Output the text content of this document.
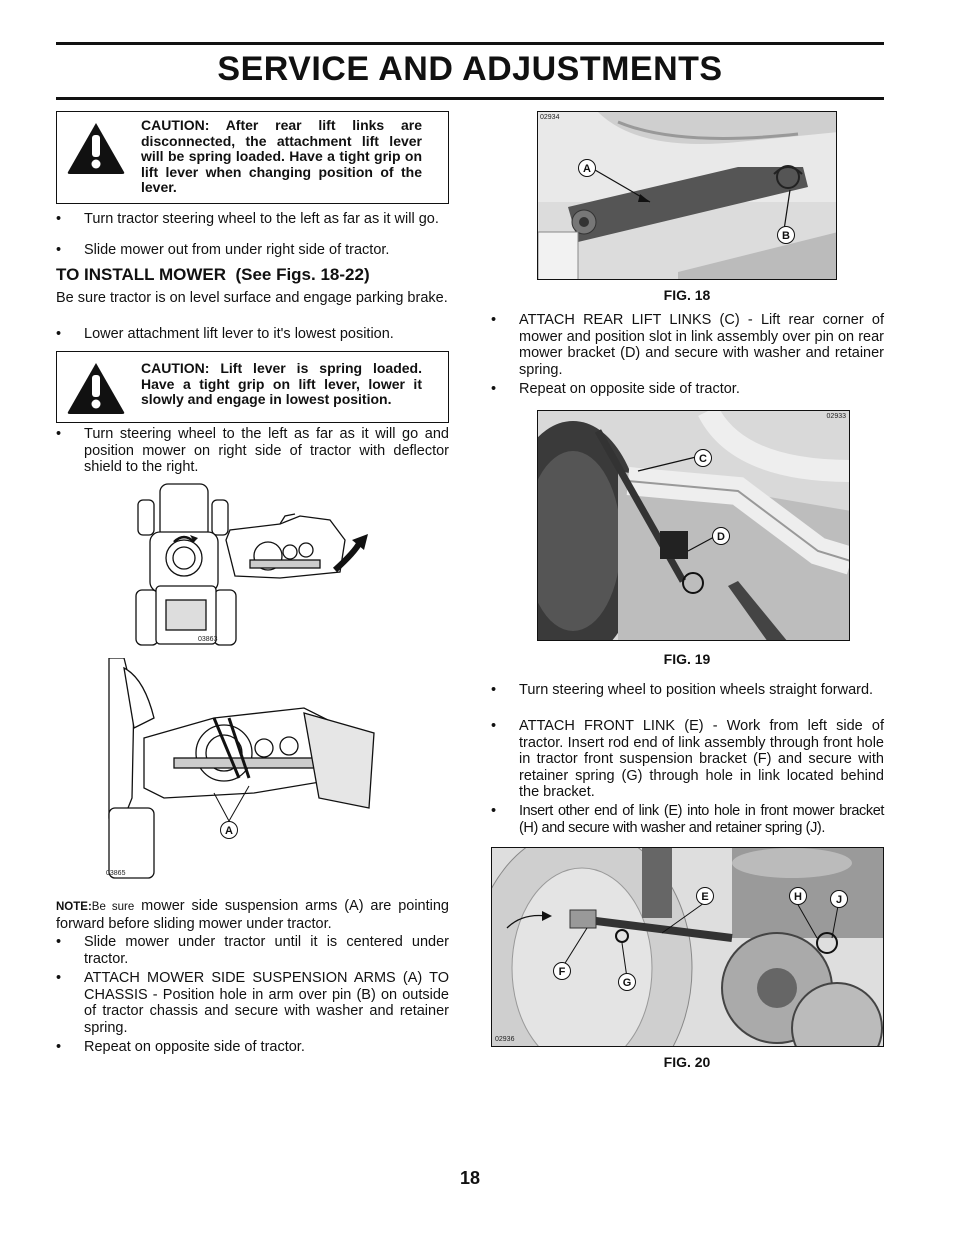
SERVICE AND ADJUSTMENTS
CAUTION: After rear lift links are disconnected, the attachment lift lever will be spring loaded. Have a tight grip on lift lever when changing position of the lever.
• Turn tractor steering wheel to the left as far as it will go.
• Slide mower out from under right side of tractor.
TO INSTALL MOWER  (See Figs. 18-22)
Be sure tractor is on level surface and engage parking brake.
• Lower attachment lift lever to it's lowest position.
CAUTION: Lift lever is spring loaded. Have a tight grip on lift lever, lower it slowly and engage in lowest position.
• Turn steering wheel to the left as far as it will go and position mower on right side of tractor with deflector shield to the right.
03863
A
03865
NOTE:Be sure mower side suspension arms (A) are pointing forward before sliding mower under tractor.
• Slide mower under tractor until it is centered under tractor.
• ATTACH MOWER SIDE SUSPENSION ARMS (A) TO CHASSIS - Position hole in arm over pin (B) on outside of tractor chassis and secure with washer and retainer spring.
• Repeat on opposite side of tractor.
02934
A
B
FIG. 18
• ATTACH REAR LIFT LINKS (C) - Lift rear corner of mower and position slot in link assembly over pin on rear mower bracket (D) and secure with washer and retainer spring.
• Repeat on opposite side of tractor.
02933
C
D
FIG. 19
• Turn steering wheel to position wheels straight forward.
• ATTACH FRONT LINK (E) - Work from left side of tractor. Insert rod end of link assembly through front hole in tractor front suspension bracket (F) and secure with retainer spring (G) through hole in link located behind the bracket.
• Insert other end of link (E) into hole in front mower bracket (H) and secure with washer and retainer spring (J).
E	H	J
F
G
02936
FIG. 20
18
